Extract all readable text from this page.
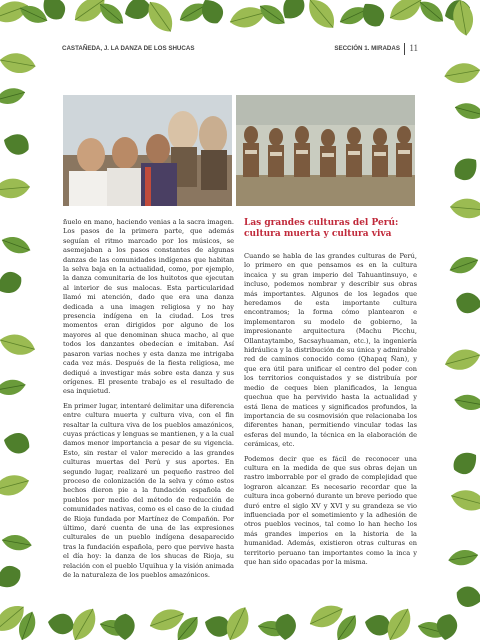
CASTAÑEDA, J. LA DANZA DE LOS SHUCAS	SECCIÓN 1. MIRADAS 11

ñuelo en mano, haciendo venias a la sacra imagen. Los pasos de la primera parte, que además seguían el ritmo marcado por los músicos, se asemejaban a los pasos constantes de algunas danzas de las comunidades indígenas que habitan la selva baja en la actualidad, como, por ejemplo, la danza comunitaria de los huitotos que ejecutan al interior de sus malocas. Esta particularidad llamó mi atención, dado que era una danza dedicada a una imagen religiosa y no hay presencia indígena en la ciudad. Los tres momentos eran dirigidos por alguno de los mayores al que denominan shuca macho, al que todos los danzantes obedecían e imitaban. Así pasaron varias noches y esta danza me intrigaba cada vez más. Después de la fiesta religiosa, me dediqué a investigar más sobre esta danza y sus orígenes. El presente trabajo es el resultado de esa inquietud.

En primer lugar, intentaré delimitar una diferencia entre cultura muerta y cultura viva, con el fin resaltar la cultura viva de los pueblos amazónicos, cuyas prácticas y lenguas se mantienen, y a la cual damos menor importancia a pesar de su vigencia. Esto, sin restar el valor merecido a las grandes culturas muertas del Perú y sus aportes. En segundo lugar, realizaré un pequeño rastreo del proceso de colonización de la selva y cómo estos hechos dieron pie a la fundación española de pueblos por medio del método de reducción de comunidades nativas, como es el caso de la ciudad de Rioja fundada por Martínez de Compañón. Por último, daré cuenta de una de las expresiones culturales de un pueblo indígena desaparecido tras la fundación española, pero que pervive hasta el día hoy: la danza de los shucas de Rioja, su relación con el pueblo Uquihua y la visión animada de la naturaleza de los pueblos amazónicos.

Las grandes culturas del Perú:
cultura muerta y cultura viva

Cuando se habla de las grandes culturas de Perú, lo primero en que pensamos es en la cultura incaica y su gran imperio del Tahuantinsuyo, e incluso, podemos nombrar y describir sus obras más importantes. Algunos de los legados que heredamos de esta importante cultura encontramos; la forma cómo plantearon e implementaron su modelo de gobierno, la impresionante arquitectura (Machu Picchu, Ollantaytambo, Sacsayhuaman, etc.), la ingeniería hidráulica y la distribución de su única y admirable red de caminos conocido como (Qhapaq Ñan), y que era útil para unificar el centro del poder con los territorios conquistados y se distribuía por medio de ceques bien planificados, la lengua quechua que ha pervivido hasta la actualidad y está llena de matices y significados profundos, la importancia de su cosmovisión que relacionaba los diferentes hanan, permitiendo vincular todas las esferas del mundo, la técnica en la elaboración de cerámicas, etc.

Podemos decir que es fácil de reconocer una cultura en la medida de que sus obras dejan un rastro imborrable por el grado de complejidad que lograron alcanzar. Es necesario recordar que la cultura inca gobernó durante un breve periodo que duró entre el siglo XV y XVI y su grandeza se vio influenciada por el sometimiento y la adhesión de otros pueblos vecinos, tal como lo han hecho los más grandes imperios en la historia de la humanidad. Además, existieron otras culturas en territorio peruano tan importantes como la inca y que han sido opacadas por la misma.
